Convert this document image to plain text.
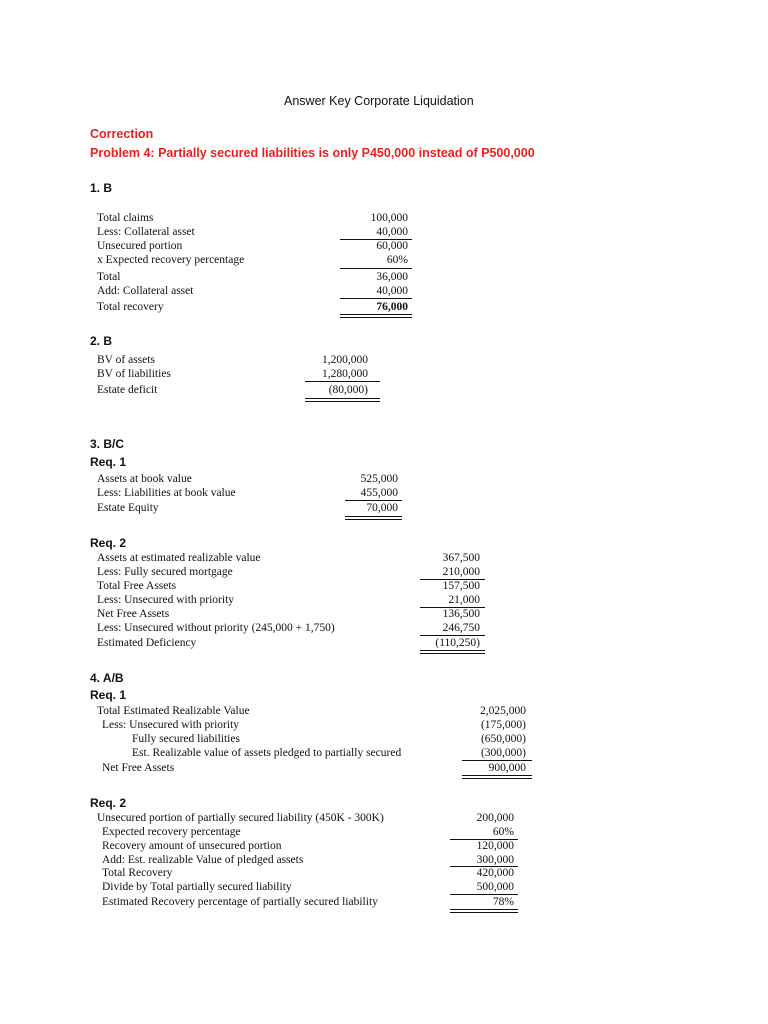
Answer Key Corporate Liquidation
Correction
Problem 4: Partially secured liabilities is only P450,000 instead of P500,000
1. B
Total claims	100,000
Less: Collateral asset	40,000
Unsecured portion	60,000
x Expected recovery percentage	60%
Total	36,000
Add: Collateral asset	40,000
Total recovery	76,000
2. B
BV of assets	1,200,000
BV of liabilities	1,280,000
Estate deficit	(80,000)
3. B/C
Req. 1
Assets at book value	525,000
Less: Liabilities at book value	455,000
Estate Equity	70,000
Req. 2
Assets at estimated realizable value	367,500
Less: Fully secured mortgage	210,000
Total Free Assets	157,500
Less: Unsecured with priority	21,000
Net Free Assets	136,500
Less: Unsecured without priority (245,000 + 1,750)	246,750
Estimated Deficiency	(110,250)
4. A/B
Req. 1
Total Estimated Realizable Value	2,025,000
Less: Unsecured with priority	(175,000)
Fully secured liabilities	(650,000)
Est. Realizable value of assets pledged to partially secured	(300,000)
Net Free Assets	900,000
Req. 2
Unsecured portion of partially secured liability (450K - 300K)	200,000
Expected recovery percentage	60%
Recovery amount of unsecured portion	120,000
Add: Est. realizable Value of pledged assets	300,000
Total Recovery	420,000
Divide by Total partially secured liability	500,000
Estimated Recovery percentage of partially secured liability	78%
